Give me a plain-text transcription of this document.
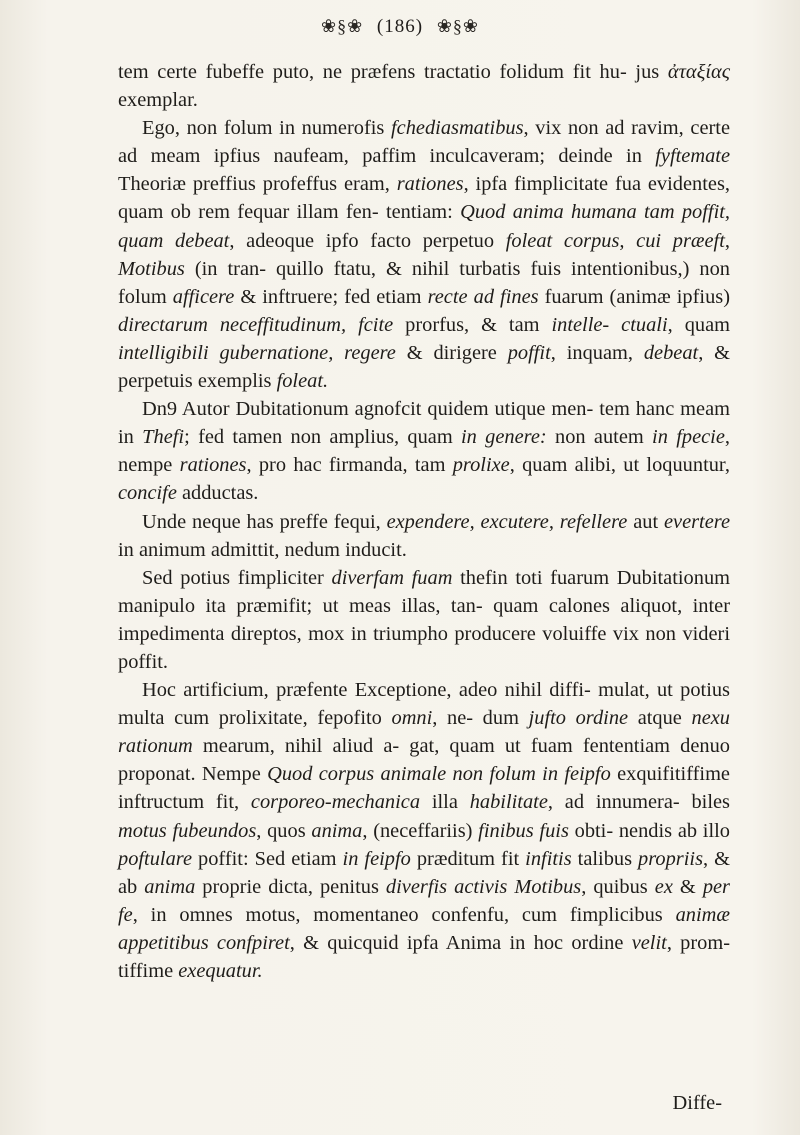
❀§❀ (186) ❀§❀

tem certe fubeffe puto, ne præfens tractatio folidum fit hu- jus ἀταξίας exemplar.

Ego, non folum in numerofis fchediasmatibus, vix non ad ravim, certe ad meam ipfius naufeam, paffim inculcaveram; deinde in fyftemate Theoriæ preffius profeffus eram, rationes, ipfa fimplicitate fua evidentes, quam ob rem fequar illam fen- tentiam: Quod anima humana tam poffit, quam debeat, adeoque ipfo facto perpetuo foleat corpus, cui præeft, Motibus (in tran- quillo ftatu, & nihil turbatis fuis intentionibus,) non folum afficere & inftruere; fed etiam recte ad fines fuarum (animæ ipfius) directarum neceffitudinum, fcite prorfus, & tam intelle- ctuali, quam intelligibili gubernatione, regere & dirigere poffit, inquam, debeat, & perpetuis exemplis foleat.

Dn9 Autor Dubitationum agnofcit quidem utique men- tem hanc meam in Thefi; fed tamen non amplius, quam in genere: non autem in fpecie, nempe rationes, pro hac firmanda, tam prolixe, quam alibi, ut loquuntur, concife adductas.

Unde neque has preffe fequi, expendere, excutere, refellere aut evertere in animum admittit, nedum inducit.

Sed potius fimpliciter diverfam fuam thefin toti fuarum Dubitationum manipulo ita præmifit; ut meas illas, tan- quam calones aliquot, inter impedimenta direptos, mox in triumpho producere voluiffe vix non videri poffit.

Hoc artificium, præfente Exceptione, adeo nihil diffi- mulat, ut potius multa cum prolixitate, fepofito omni, ne- dum jufto ordine atque nexu rationum mearum, nihil aliud a- gat, quam ut fuam fententiam denuo proponat. Nempe Quod corpus animale non folum in feipfo exquifitiffime inftructum fit, corporeo-mechanica illa habilitate, ad innumera- biles motus fubeundos, quos anima, (neceffariis) finibus fuis obti- nendis ab illo poftulare poffit: Sed etiam in feipfo præditum fit infitis talibus propriis, & ab anima proprie dicta, penitus diverfis activis Motibus, quibus ex & per fe, in omnes motus, momentaneo confenfu, cum fimplicibus animæ appetitibus confpiret, & quicquid ipfa Anima in hoc ordine velit, prom- tiffime exequatur.

Diffe-
